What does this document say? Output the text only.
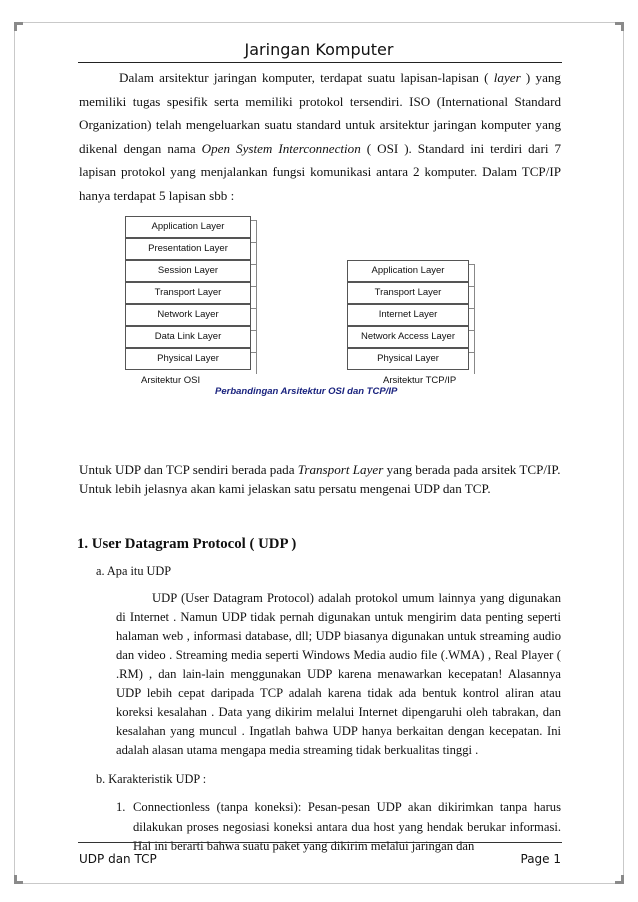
Jaringan Komputer

Dalam arsitektur jaringan komputer, terdapat suatu lapisan-lapisan ( layer ) yang memiliki tugas spesifik serta memiliki protokol tersendiri. ISO (International Standard Organization) telah mengeluarkan suatu standard untuk arsitektur jaringan komputer yang dikenal dengan nama Open System Interconnection ( OSI ). Standard ini terdiri dari 7 lapisan protokol yang menjalankan fungsi komunikasi antara 2 komputer. Dalam TCP/IP hanya terdapat 5 lapisan sbb :

Application Layer
Presentation Layer
Session Layer
Transport Layer
Network Layer
Data Link Layer
Physical Layer
Application Layer
Transport Layer
Internet Layer
Network Access Layer
Physical Layer
Arsitektur OSI	Arsitektur TCP/IP
Perbandingan Arsitektur OSI dan TCP/IP
Untuk UDP dan TCP sendiri berada pada Transport Layer yang berada pada arsitek TCP/IP.
Untuk lebih jelasnya akan kami jelaskan satu persatu mengenai UDP dan TCP.
1. User Datagram Protocol ( UDP )
a. Apa itu UDP

UDP (User Datagram Protocol) adalah protokol umum lainnya yang digunakan di Internet . Namun UDP tidak pernah digunakan untuk mengirim data penting seperti halaman web , informasi database, dll; UDP biasanya digunakan untuk streaming audio dan video . Streaming media seperti Windows Media audio file (.WMA) , Real Player ( .RM) , dan lain-lain menggunakan UDP karena menawarkan kecepatan! Alasannya UDP lebih cepat daripada TCP adalah karena tidak ada bentuk kontrol aliran atau koreksi kesalahan . Data yang dikirim melalui Internet dipengaruhi oleh tabrakan, dan kesalahan yang muncul . Ingatlah bahwa UDP hanya berkaitan dengan kecepatan. Ini adalah alasan utama mengapa media streaming tidak berkualitas tinggi .

b. Karakteristik UDP :
1. Connectionless (tanpa koneksi): Pesan-pesan UDP akan dikirimkan tanpa harus dilakukan proses negosiasi koneksi antara dua host yang hendak berukar informasi. Hal ini berarti bahwa suatu paket yang dikirim melalui jaringan dan
UDP dan TCP	Page 1
